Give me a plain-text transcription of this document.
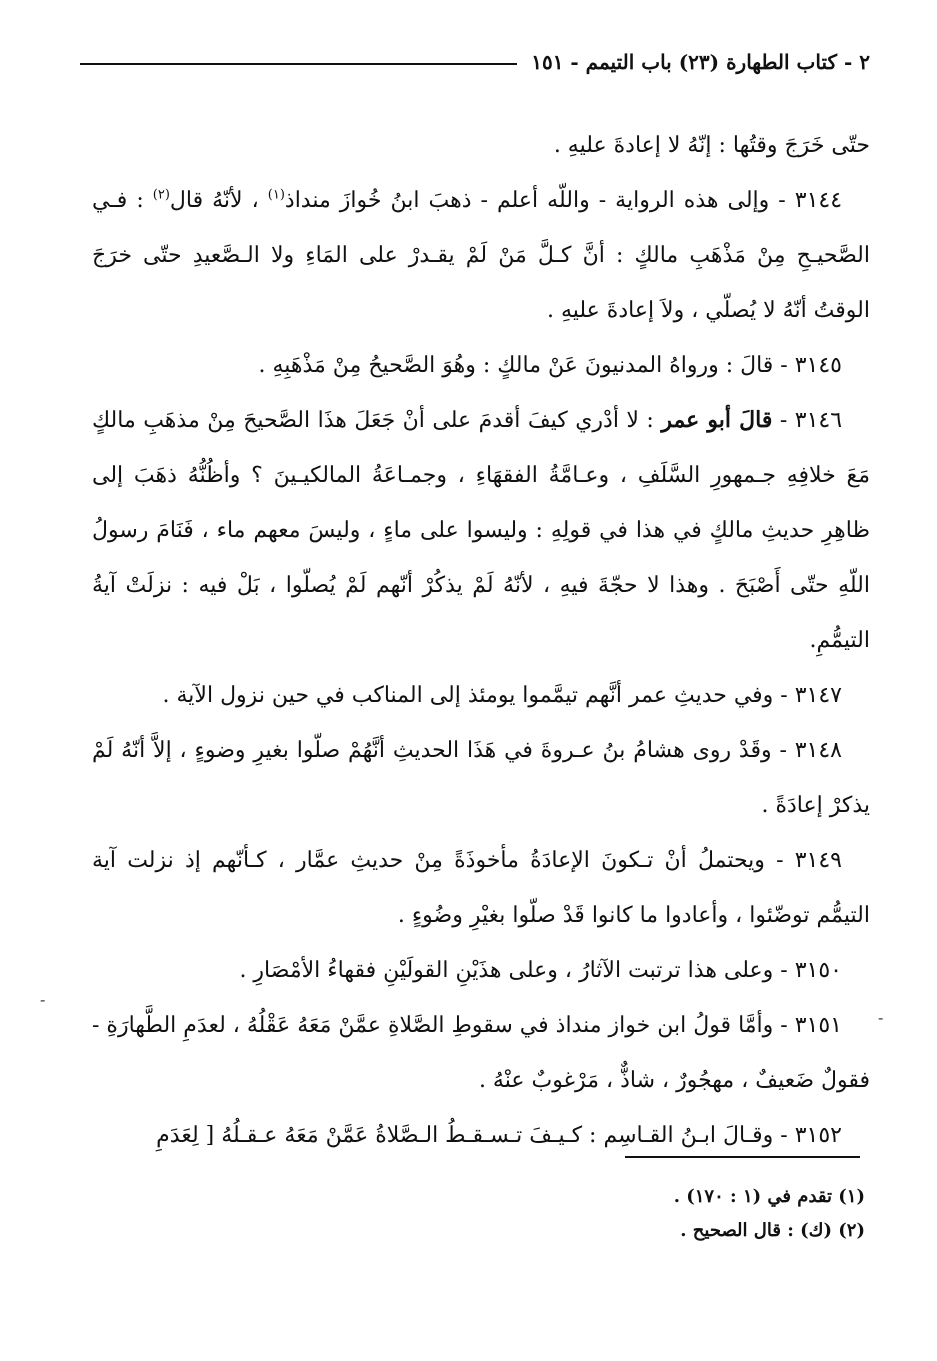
٢ - كتاب الطهارة (٢٣) باب التيمم - ١٥١

حتّى خَرَجَ وقتُها : إنّهُ لا إعادةَ عليهِ .

٣١٤٤ - وإلى هذه الرواية - واللّه أعلم - ذهبَ ابنُ خُوازَ منداذ$^{(١)}$ ، لأنّهُ قال$^{(٢)}$ : فـي الصَّحيـحِ مِنْ مَذْهَبِ مالكٍ : أنَّ كـلَّ مَنْ لَمْ يقـدرْ على المَاءِ ولا الـصَّعيدِ حتّى خرَجَ الوقتُ أنّهُ لا يُصلّي ، ولاَ إعادةَ عليهِ .

٣١٤٥ - قالَ : ورواهُ المدنيونَ عَنْ مالكٍ : وهُوَ الصَّحيحُ مِنْ مَذْهَبِهِ .

٣١٤٦ - قالَ أبو عمر : لا أدْري كيفَ أقدمَ على أنْ جَعَلَ هذَا الصَّحيحَ مِنْ مذهَبِ مالكٍ مَعَ خلافِهِ جـمهورِ السَّلَفِ ، وعـامَّةُ الفقهَاءِ ، وجمـاعَةُ المالكيـينَ ؟ وأظُنُّهُ ذهَبَ إلى ظاهِرِ حديثِ مالكٍ في هذا في قولِهِ : وليسوا على ماءٍ ، وليسَ معهم ماء ، فَنَامَ رسولُ اللّهِ حتّى أَصْبَحَ . وهذا لا حجّةَ فيهِ ، لأنّهُ لَمْ يذكُرْ أنّهم لَمْ يُصلّوا ، بَلْ فيه : نزلَتْ آيةُ التيمُّمِ.

٣١٤٧ - وفي حديثِ عمر أنَّهم تيمَّموا يومئذ إلى المناكب في حين نزول الآية .

٣١٤٨ - وقَدْ روى هشامُ بنُ عـروةَ في هَذَا الحديثِ أنَّهُمْ صلّوا بغيرِ وضوءٍ ، إلاَّ أنّهُ لَمْ يذكرْ إعادَةً .

٣١٤٩ - ويحتملُ أنْ تـكونَ الإعادَةُ مأخوذَةً مِنْ حديثِ عمَّار ، كـأنّهم إذ نزلت آية التيمُّم توضّئوا ، وأعادوا ما كانوا قَدْ صلّوا بغيْرِ وضُوءٍ .

٣١٥٠ - وعلى هذا ترتبت الآثارُ ، وعلى هذَيْنِ القولَيْنِ فقهاءُ الأمْصَارِ .

٣١٥١ - وأمَّا قولُ ابن خواز منداذ في سقوطِ الصَّلاةِ عمَّنْ مَعَهُ عَقْلُهُ ، لعدَمِ الطَّهارَةِ - فقولٌ ضَعيفٌ ، مهجُورٌ ، شاذٌّ ، مَرْغوبٌ عنْهُ .

٣١٥٢ - وقـالَ ابـنُ القـاسِم : كـيـفَ تـسـقـطُ الـصَّلاةُ عَمَّنْ مَعَهُ عـقـلُهُ [ لِعَدَمِ

-
-

(١) تقدم في (١ : ١٧٠) .

(٢) (ك) : قال الصحيح .
